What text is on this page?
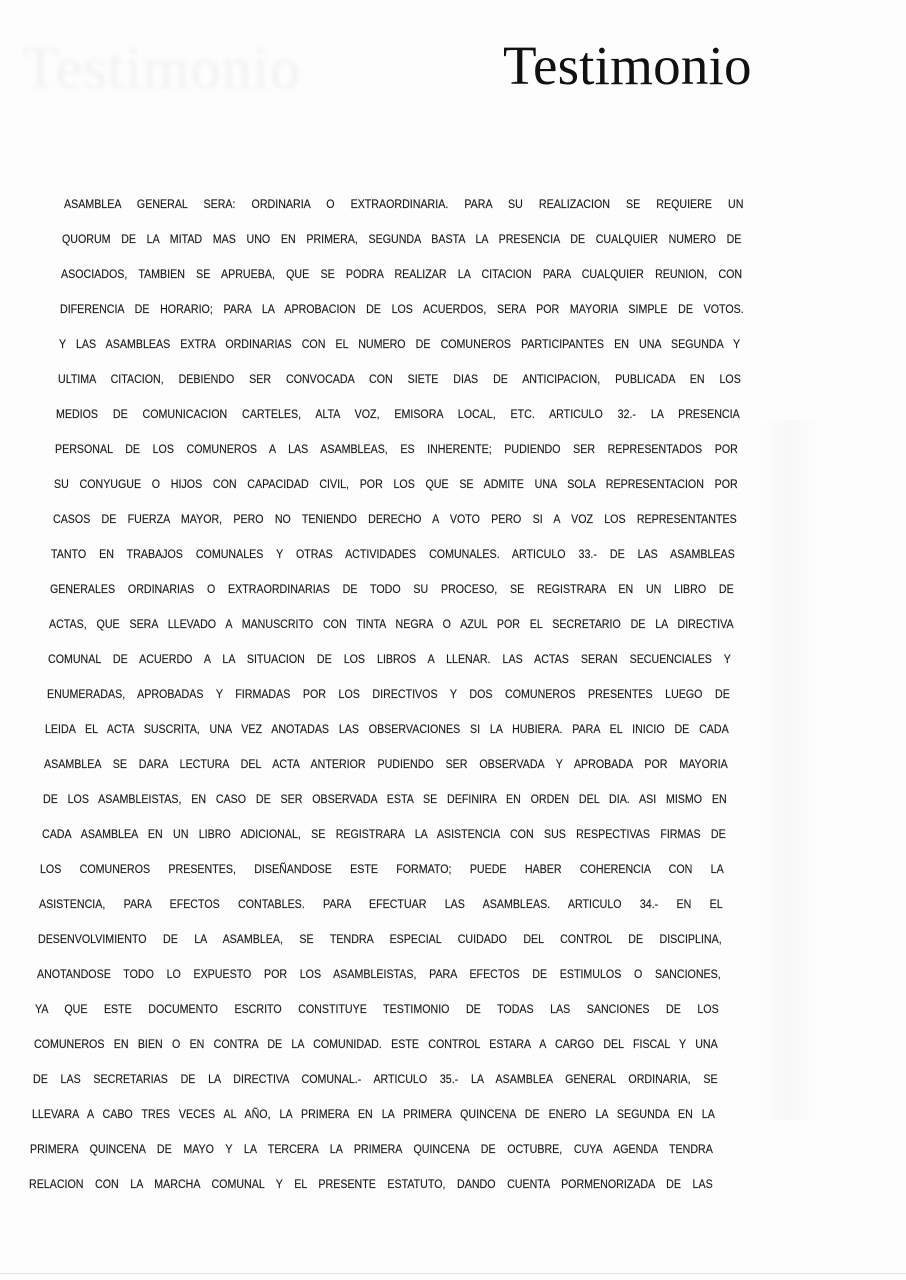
Testimonio	Testimonio
ASAMBLEA GENERAL SERA: ORDINARIA O EXTRAORDINARIA. PARA SU REALIZACION SE REQUIERE UN
QUORUM DE LA MITAD MAS UNO EN PRIMERA, SEGUNDA BASTA LA PRESENCIA DE CUALQUIER NUMERO DE
ASOCIADOS, TAMBIEN SE APRUEBA, QUE SE PODRA REALIZAR LA CITACION PARA CUALQUIER REUNION, CON
DIFERENCIA DE HORARIO; PARA LA APROBACION DE LOS ACUERDOS, SERA POR MAYORIA SIMPLE DE VOTOS.
Y LAS ASAMBLEAS EXTRA ORDINARIAS CON EL NUMERO DE COMUNEROS PARTICIPANTES EN UNA SEGUNDA Y
ULTIMA CITACION, DEBIENDO SER CONVOCADA CON SIETE DIAS DE ANTICIPACION, PUBLICADA EN LOS
MEDIOS DE COMUNICACION CARTELES, ALTA VOZ, EMISORA LOCAL, ETC. ARTICULO 32.- LA PRESENCIA
PERSONAL DE LOS COMUNEROS A LAS ASAMBLEAS, ES INHERENTE; PUDIENDO SER REPRESENTADOS POR
SU CONYUGUE O HIJOS CON CAPACIDAD CIVIL, POR LOS QUE SE ADMITE UNA SOLA REPRESENTACION POR
CASOS DE FUERZA MAYOR, PERO NO TENIENDO DERECHO A VOTO PERO SI A VOZ LOS REPRESENTANTES
TANTO EN TRABAJOS COMUNALES Y OTRAS ACTIVIDADES COMUNALES. ARTICULO 33.- DE LAS ASAMBLEAS
GENERALES ORDINARIAS O EXTRAORDINARIAS DE TODO SU PROCESO, SE REGISTRARA EN UN LIBRO DE
ACTAS, QUE SERA LLEVADO A MANUSCRITO CON TINTA NEGRA O AZUL POR EL SECRETARIO DE LA DIRECTIVA
COMUNAL DE ACUERDO A LA SITUACION DE LOS LIBROS A LLENAR. LAS ACTAS SERAN SECUENCIALES Y
ENUMERADAS, APROBADAS Y FIRMADAS POR LOS DIRECTIVOS Y DOS COMUNEROS PRESENTES LUEGO DE
LEIDA EL ACTA SUSCRITA, UNA VEZ ANOTADAS LAS OBSERVACIONES SI LA HUBIERA. PARA EL INICIO DE CADA
ASAMBLEA SE DARA LECTURA DEL ACTA ANTERIOR PUDIENDO SER OBSERVADA Y APROBADA POR MAYORIA
DE LOS ASAMBLEISTAS, EN CASO DE SER OBSERVADA ESTA SE DEFINIRA EN ORDEN DEL DIA. ASI MISMO EN
CADA ASAMBLEA EN UN LIBRO ADICIONAL, SE REGISTRARA LA ASISTENCIA CON SUS RESPECTIVAS FIRMAS DE
LOS COMUNEROS PRESENTES, DISEÑANDOSE ESTE FORMATO; PUEDE HABER COHERENCIA CON LA
ASISTENCIA, PARA EFECTOS CONTABLES. PARA EFECTUAR LAS ASAMBLEAS. ARTICULO 34.- EN EL
DESENVOLVIMIENTO DE LA ASAMBLEA, SE TENDRA ESPECIAL CUIDADO DEL CONTROL DE DISCIPLINA,
ANOTANDOSE TODO LO EXPUESTO POR LOS ASAMBLEISTAS, PARA EFECTOS DE ESTIMULOS O SANCIONES,
YA QUE ESTE DOCUMENTO ESCRITO CONSTITUYE TESTIMONIO DE TODAS LAS SANCIONES DE LOS
COMUNEROS EN BIEN O EN CONTRA DE LA COMUNIDAD. ESTE CONTROL ESTARA A CARGO DEL FISCAL Y UNA
DE LAS SECRETARIAS DE LA DIRECTIVA COMUNAL.- ARTICULO 35.- LA ASAMBLEA GENERAL ORDINARIA, SE
LLEVARA A CABO TRES VECES AL AÑO, LA PRIMERA EN LA PRIMERA QUINCENA DE ENERO LA SEGUNDA EN LA
PRIMERA QUINCENA DE MAYO Y LA TERCERA LA PRIMERA QUINCENA DE OCTUBRE, CUYA AGENDA TENDRA
RELACION CON LA MARCHA COMUNAL Y EL PRESENTE ESTATUTO, DANDO CUENTA PORMENORIZADA DE LAS
